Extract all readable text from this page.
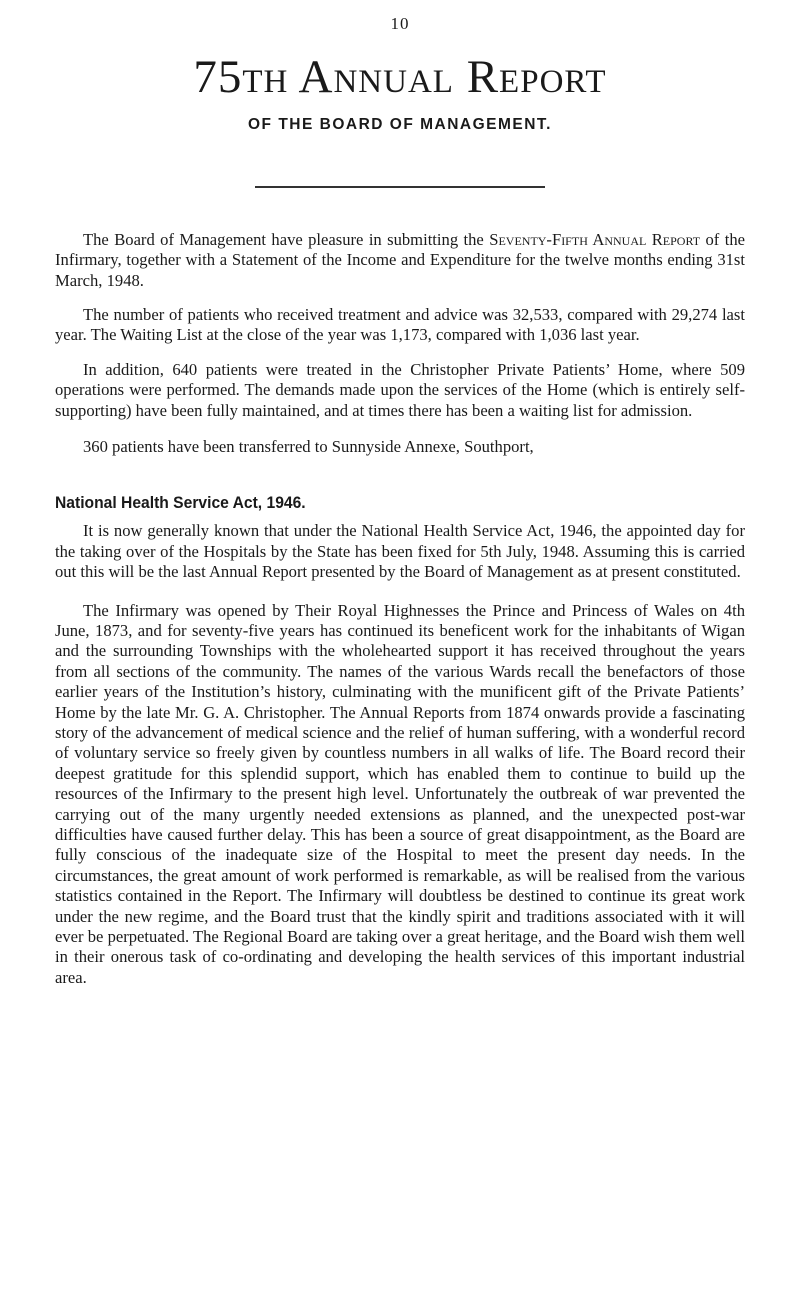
10
75th Annual Report
OF THE BOARD OF MANAGEMENT.

The Board of Management have pleasure in submitting the Seventy-Fifth Annual Report of the Infirmary, together with a Statement of the Income and Expenditure for the twelve months ending 31st March, 1948.

The number of patients who received treatment and advice was 32,533, compared with 29,274 last year. The Waiting List at the close of the year was 1,173, compared with 1,036 last year.

In addition, 640 patients were treated in the Christopher Private Patients’ Home, where 509 operations were performed. The demands made upon the services of the Home (which is entirely self-supporting) have been fully maintained, and at times there has been a waiting list for admission.

360 patients have been transferred to Sunnyside Annexe, Southport,

National Health Service Act, 1946.

It is now generally known that under the National Health Service Act, 1946, the appointed day for the taking over of the Hospitals by the State has been fixed for 5th July, 1948. Assuming this is carried out this will be the last Annual Report presented by the Board of Management as at present constituted.

The Infirmary was opened by Their Royal Highnesses the Prince and Princess of Wales on 4th June, 1873, and for seventy-five years has continued its beneficent work for the inhabitants of Wigan and the surrounding Townships with the wholehearted support it has received throughout the years from all sections of the community. The names of the various Wards recall the benefactors of those earlier years of the Institution’s history, culminating with the munificent gift of the Private Patients’ Home by the late Mr. G. A. Christopher. The Annual Reports from 1874 onwards provide a fascinating story of the advancement of medical science and the relief of human suffering, with a wonderful record of voluntary service so freely given by countless numbers in all walks of life. The Board record their deepest gratitude for this splendid support, which has enabled them to continue to build up the resources of the Infirmary to the present high level. Unfortunately the outbreak of war prevented the carrying out of the many urgently needed extensions as planned, and the unexpected post-war difficulties have caused further delay. This has been a source of great disappointment, as the Board are fully conscious of the inadequate size of the Hospital to meet the present day needs. In the circumstances, the great amount of work performed is remarkable, as will be realised from the various statistics contained in the Report. The Infirmary will doubtless be destined to continue its great work under the new regime, and the Board trust that the kindly spirit and traditions associated with it will ever be perpetuated. The Regional Board are taking over a great heritage, and the Board wish them well in their onerous task of co-ordinating and developing the health services of this important industrial area.
